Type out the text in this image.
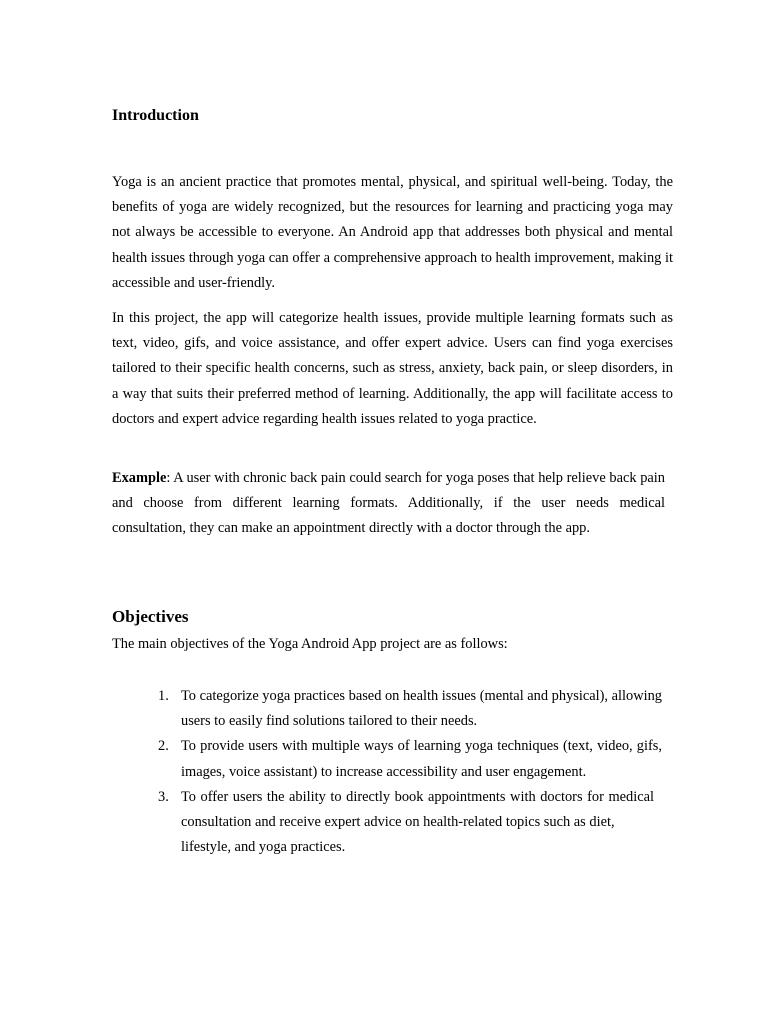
Introduction

Yoga is an ancient practice that promotes mental, physical, and spiritual well-being. Today, the benefits of yoga are widely recognized, but the resources for learning and practicing yoga may not always be accessible to everyone. An Android app that addresses both physical and mental health issues through yoga can offer a comprehensive approach to health improvement, making it accessible and user-friendly.

In this project, the app will categorize health issues, provide multiple learning formats such as text, video, gifs, and voice assistance, and offer expert advice. Users can find yoga exercises tailored to their specific health concerns, such as stress, anxiety, back pain, or sleep disorders, in a way that suits their preferred method of learning. Additionally, the app will facilitate access to doctors and expert advice regarding health issues related to yoga practice.

Example: A user with chronic back pain could search for yoga poses that help relieve back pain and choose from different learning formats. Additionally, if the user needs medical consultation, they can make an appointment directly with a doctor through the app.

Objectives

The main objectives of the Yoga Android App project are as follows:

1. To categorize yoga practices based on health issues (mental and physical), allowing users to easily find solutions tailored to their needs.
2. To provide users with multiple ways of learning yoga techniques (text, video, gifs, images, voice assistant) to increase accessibility and user engagement.
3. To offer users the ability to directly book appointments with doctors for medical consultation and receive expert advice on health-related topics such as diet,
lifestyle, and yoga practices.
